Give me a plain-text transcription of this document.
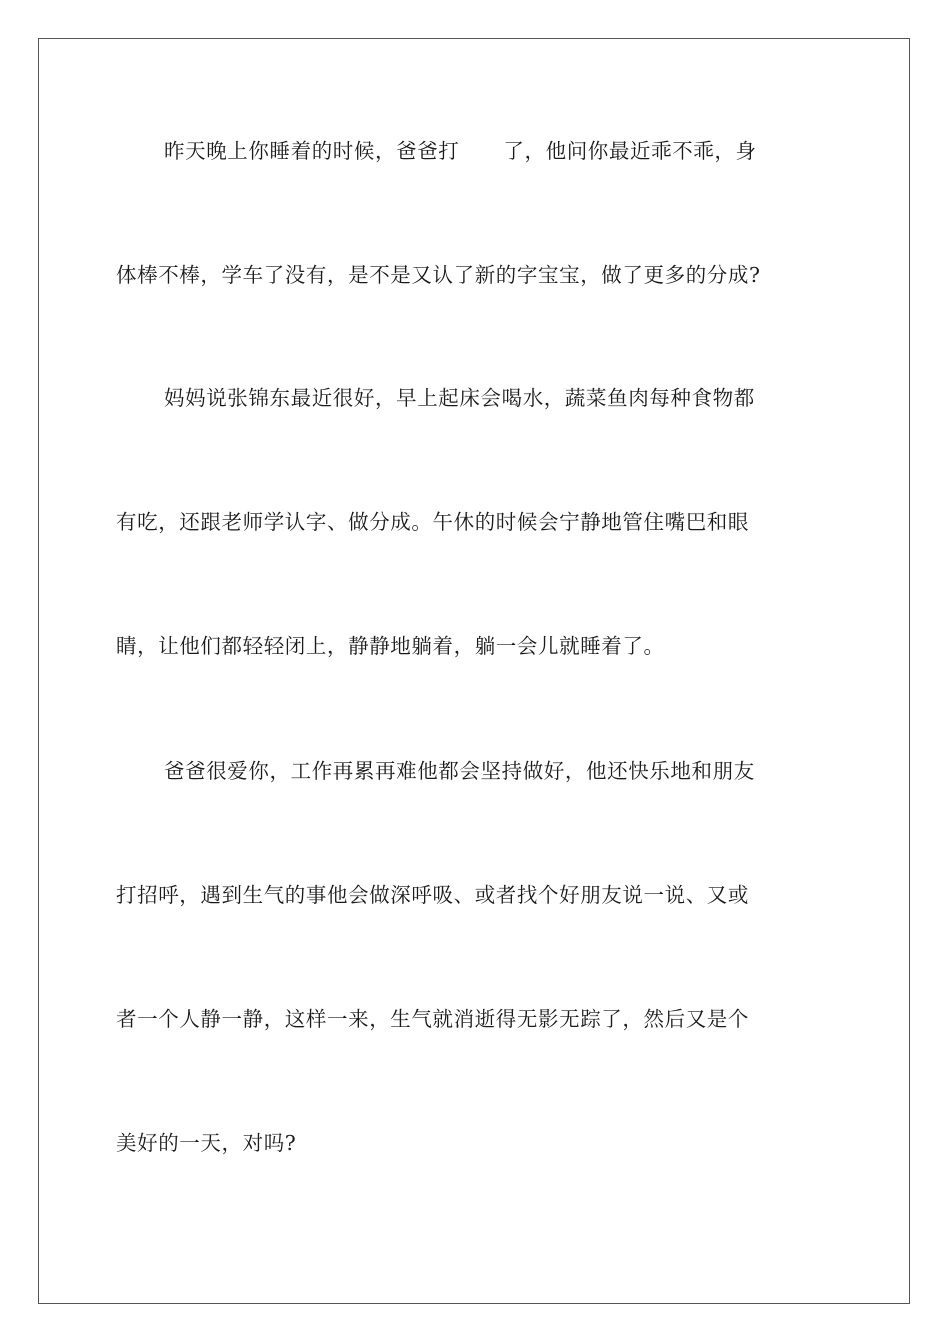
昨天晚上你睡着的时候，爸爸打 了，他问你最近乖不乖，身
体棒不棒，学车了没有，是不是又认了新的字宝宝，做了更多的分成?
妈妈说张锦东最近很好，早上起床会喝水，蔬菜鱼肉每种食物都
有吃，还跟老师学认字、做分成。午休的时候会宁静地管住嘴巴和眼
睛，让他们都轻轻闭上，静静地躺着，躺一会儿就睡着了。
爸爸很爱你，工作再累再难他都会坚持做好，他还快乐地和朋友
打招呼，遇到生气的事他会做深呼吸、或者找个好朋友说一说、又或
者一个人静一静，这样一来，生气就消逝得无影无踪了，然后又是个
美好的一天，对吗?
